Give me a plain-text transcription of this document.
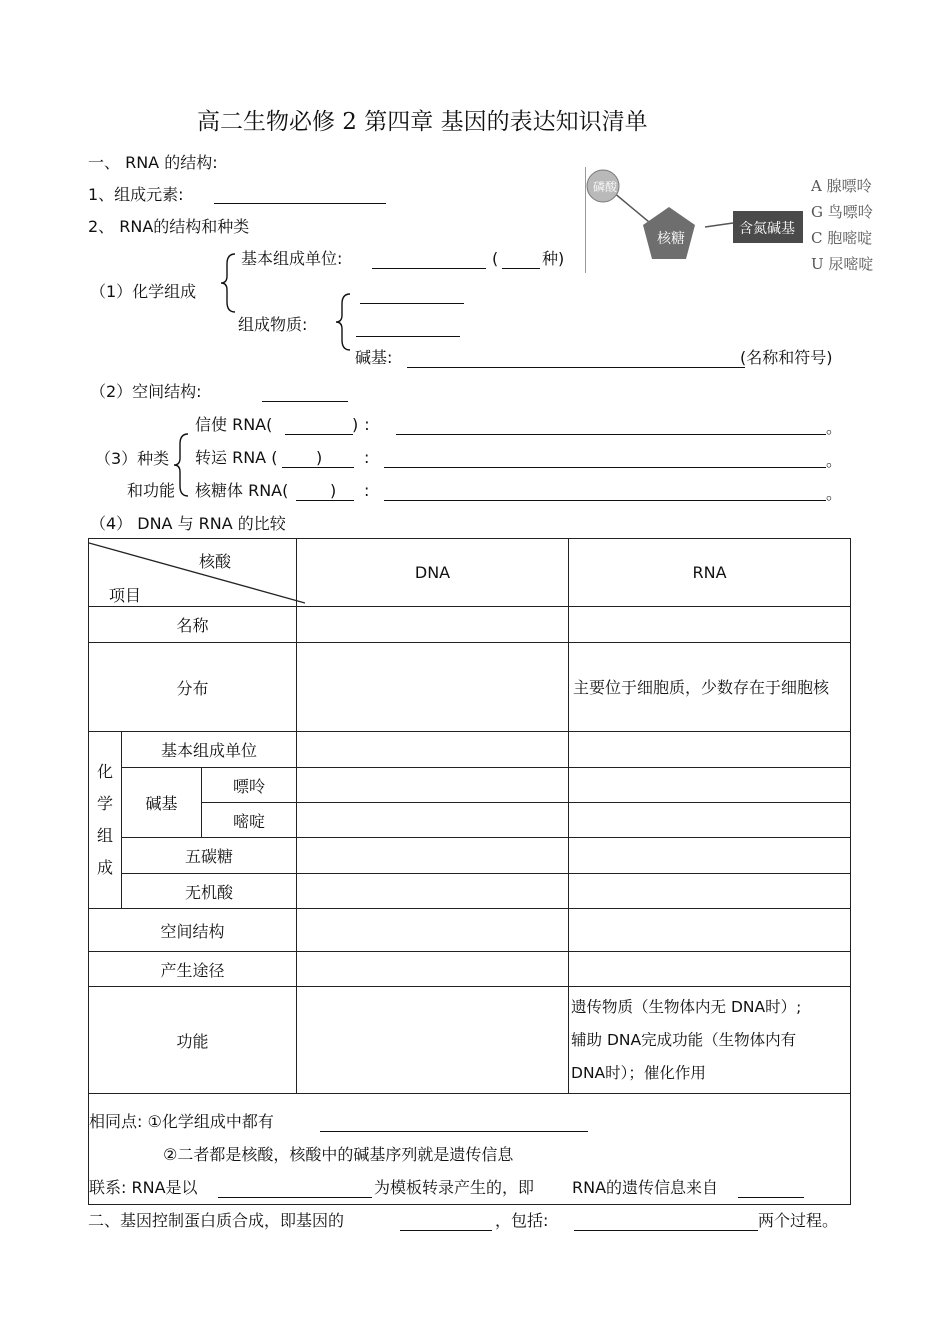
高二生物必修 2 第四章 基因的表达知识清单
一、 RNA 的结构:
1、组成元素:
2、 RNA的结构和种类
磷酸
核糖
含氮碱基
A 腺嘌呤
G 鸟嘌呤
C 胞嘧啶
U 尿嘧啶
（1）化学组成
基本组成单位:	(	种)
组成物质:
碱基:	(名称和符号)
（2）空间结构:
（3）种类
和功能
信使 RNA(	):	。
转运 RNA ( )	:	。
核糖体 RNA(	) :	。
（4） DNA 与 RNA 的比较
核酸
项目			DNA	RNA
名称				
分布				主要位于细胞质，少数存在于细胞核

化
学
组
成	基本组成单位			
	碱基	嘌呤		
		嘧啶		
	五碳糖			
	无机酸			
空间结构				
产生途径				
功能				遗传物质（生物体内无 DNA时）;
辅助 DNA完成功能（生物体内有
DNA时）；催化作用
相同点: ①化学组成中都有
②二者都是核酸，核酸中的碱基序列就是遗传信息
联系: RNA是以	为模板转录产生的，即 RNA的遗传信息来自
二、基因控制蛋白质合成，即基因的	，包括:	两个过程。
